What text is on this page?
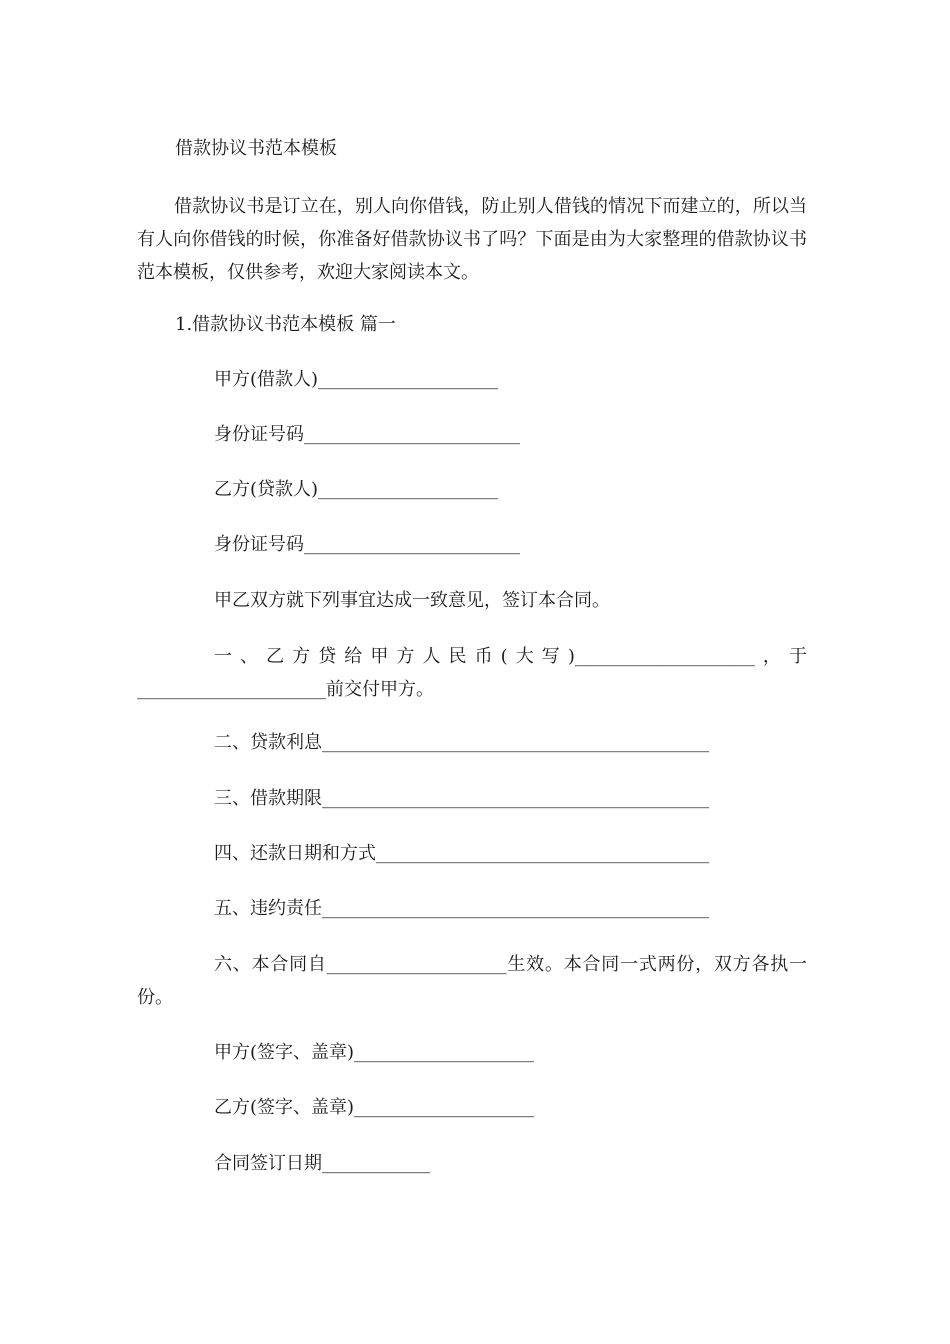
借款协议书范本模板

借款协议书是订立在，别人向你借钱，防止别人借钱的情况下而建立的，所以当有人向你借钱的时候，你准备好借款协议书了吗？下面是由为大家整理的借款协议书范本模板，仅供参考，欢迎大家阅读本文。

1.借款协议书范本模板 篇一

甲方(借款人)____________________

身份证号码________________________

乙方(贷款人)____________________

身份证号码________________________

甲乙双方就下列事宜达成一致意见，签订本合同。

一、乙方贷给甲方人民币(大写)____________________，于_____________________前交付甲方。

二、贷款利息___________________________________________

三、借款期限___________________________________________

四、还款日期和方式_____________________________________

五、违约责任___________________________________________

六、本合同自____________________生效。本合同一式两份，双方各执一份。

甲方(签字、盖章)____________________

乙方(签字、盖章)____________________

合同签订日期____________
